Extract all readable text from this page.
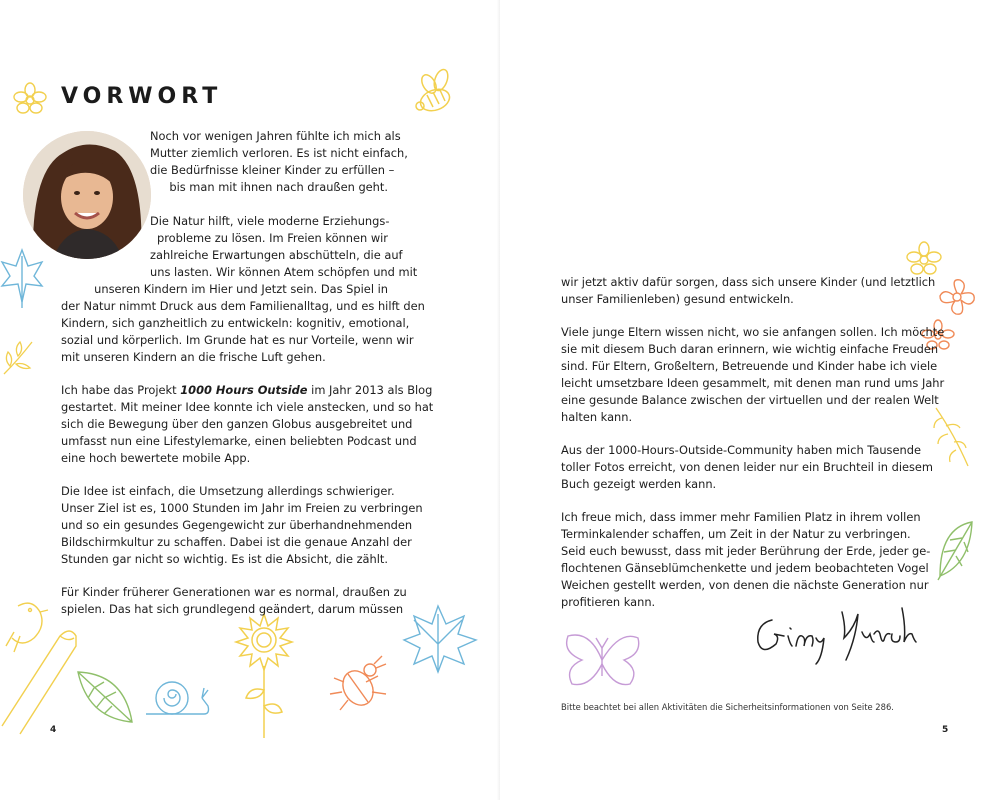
VORWORT
Noch vor wenigen Jahren fühlte ich mich als
Mutter ziemlich verloren. Es ist nicht einfach,
die Bedürfnisse kleiner Kinder zu erfüllen –
bis man mit ihnen nach draußen geht.
Die Natur hilft, viele moderne Erziehungs-
probleme zu lösen. Im Freien können wir
zahlreiche Erwartungen abschütteln, die auf
uns lasten. Wir können Atem schöpfen und mit
unseren Kindern im Hier und Jetzt sein. Das Spiel in
der Natur nimmt Druck aus dem Familienalltag, und es hilft den
Kindern, sich ganzheitlich zu entwickeln: kognitiv, emotional,
sozial und körperlich. Im Grunde hat es nur Vorteile, wenn wir
mit unseren Kindern an die frische Luft gehen.
Ich habe das Projekt 1000 Hours Outside im Jahr 2013 als Blog
gestartet. Mit meiner Idee konnte ich viele anstecken, und so hat
sich die Bewegung über den ganzen Globus ausgebreitet und
umfasst nun eine Lifestylemarke, einen beliebten Podcast und
eine hoch bewertete mobile App.
Die Idee ist einfach, die Umsetzung allerdings schwieriger.
Unser Ziel ist es, 1000 Stunden im Jahr im Freien zu verbringen
und so ein gesundes Gegengewicht zur überhandnehmenden
Bildschirmkultur zu schaffen. Dabei ist die genaue Anzahl der
Stunden gar nicht so wichtig. Es ist die Absicht, die zählt.
Für Kinder früherer Generationen war es normal, draußen zu
spielen. Das hat sich grundlegend geändert, darum müssen
4
Ich lebe mit
meiner Familie in
Michigan in den USA.
wir jetzt aktiv dafür sorgen, dass sich unsere Kinder (und letztlich
unser Familienleben) gesund entwickeln.
Viele junge Eltern wissen nicht, wo sie anfangen sollen. Ich möchte
sie mit diesem Buch daran erinnern, wie wichtig einfache Freuden
sind. Für Eltern, Großeltern, Betreuende und Kinder habe ich viele
leicht umsetzbare Ideen gesammelt, mit denen man rund ums Jahr
eine gesunde Balance zwischen der virtuellen und der realen Welt
halten kann.
Aus der 1000-Hours-Outside-Community haben mich Tausende
toller Fotos erreicht, von denen leider nur ein Bruchteil in diesem
Buch gezeigt werden kann.
Ich freue mich, dass immer mehr Familien Platz in ihrem vollen
Terminkalender schaffen, um Zeit in der Natur zu verbringen.
Seid euch bewusst, dass mit jeder Berührung der Erde, jeder ge-
flochtenen Gänseblümchenkette und jedem beobachteten Vogel
Weichen gestellt werden, von denen die nächste Generation nur
profitieren kann.
Bitte beachtet bei allen Aktivitäten die Sicherheitsinformationen von Seite 286.
5
